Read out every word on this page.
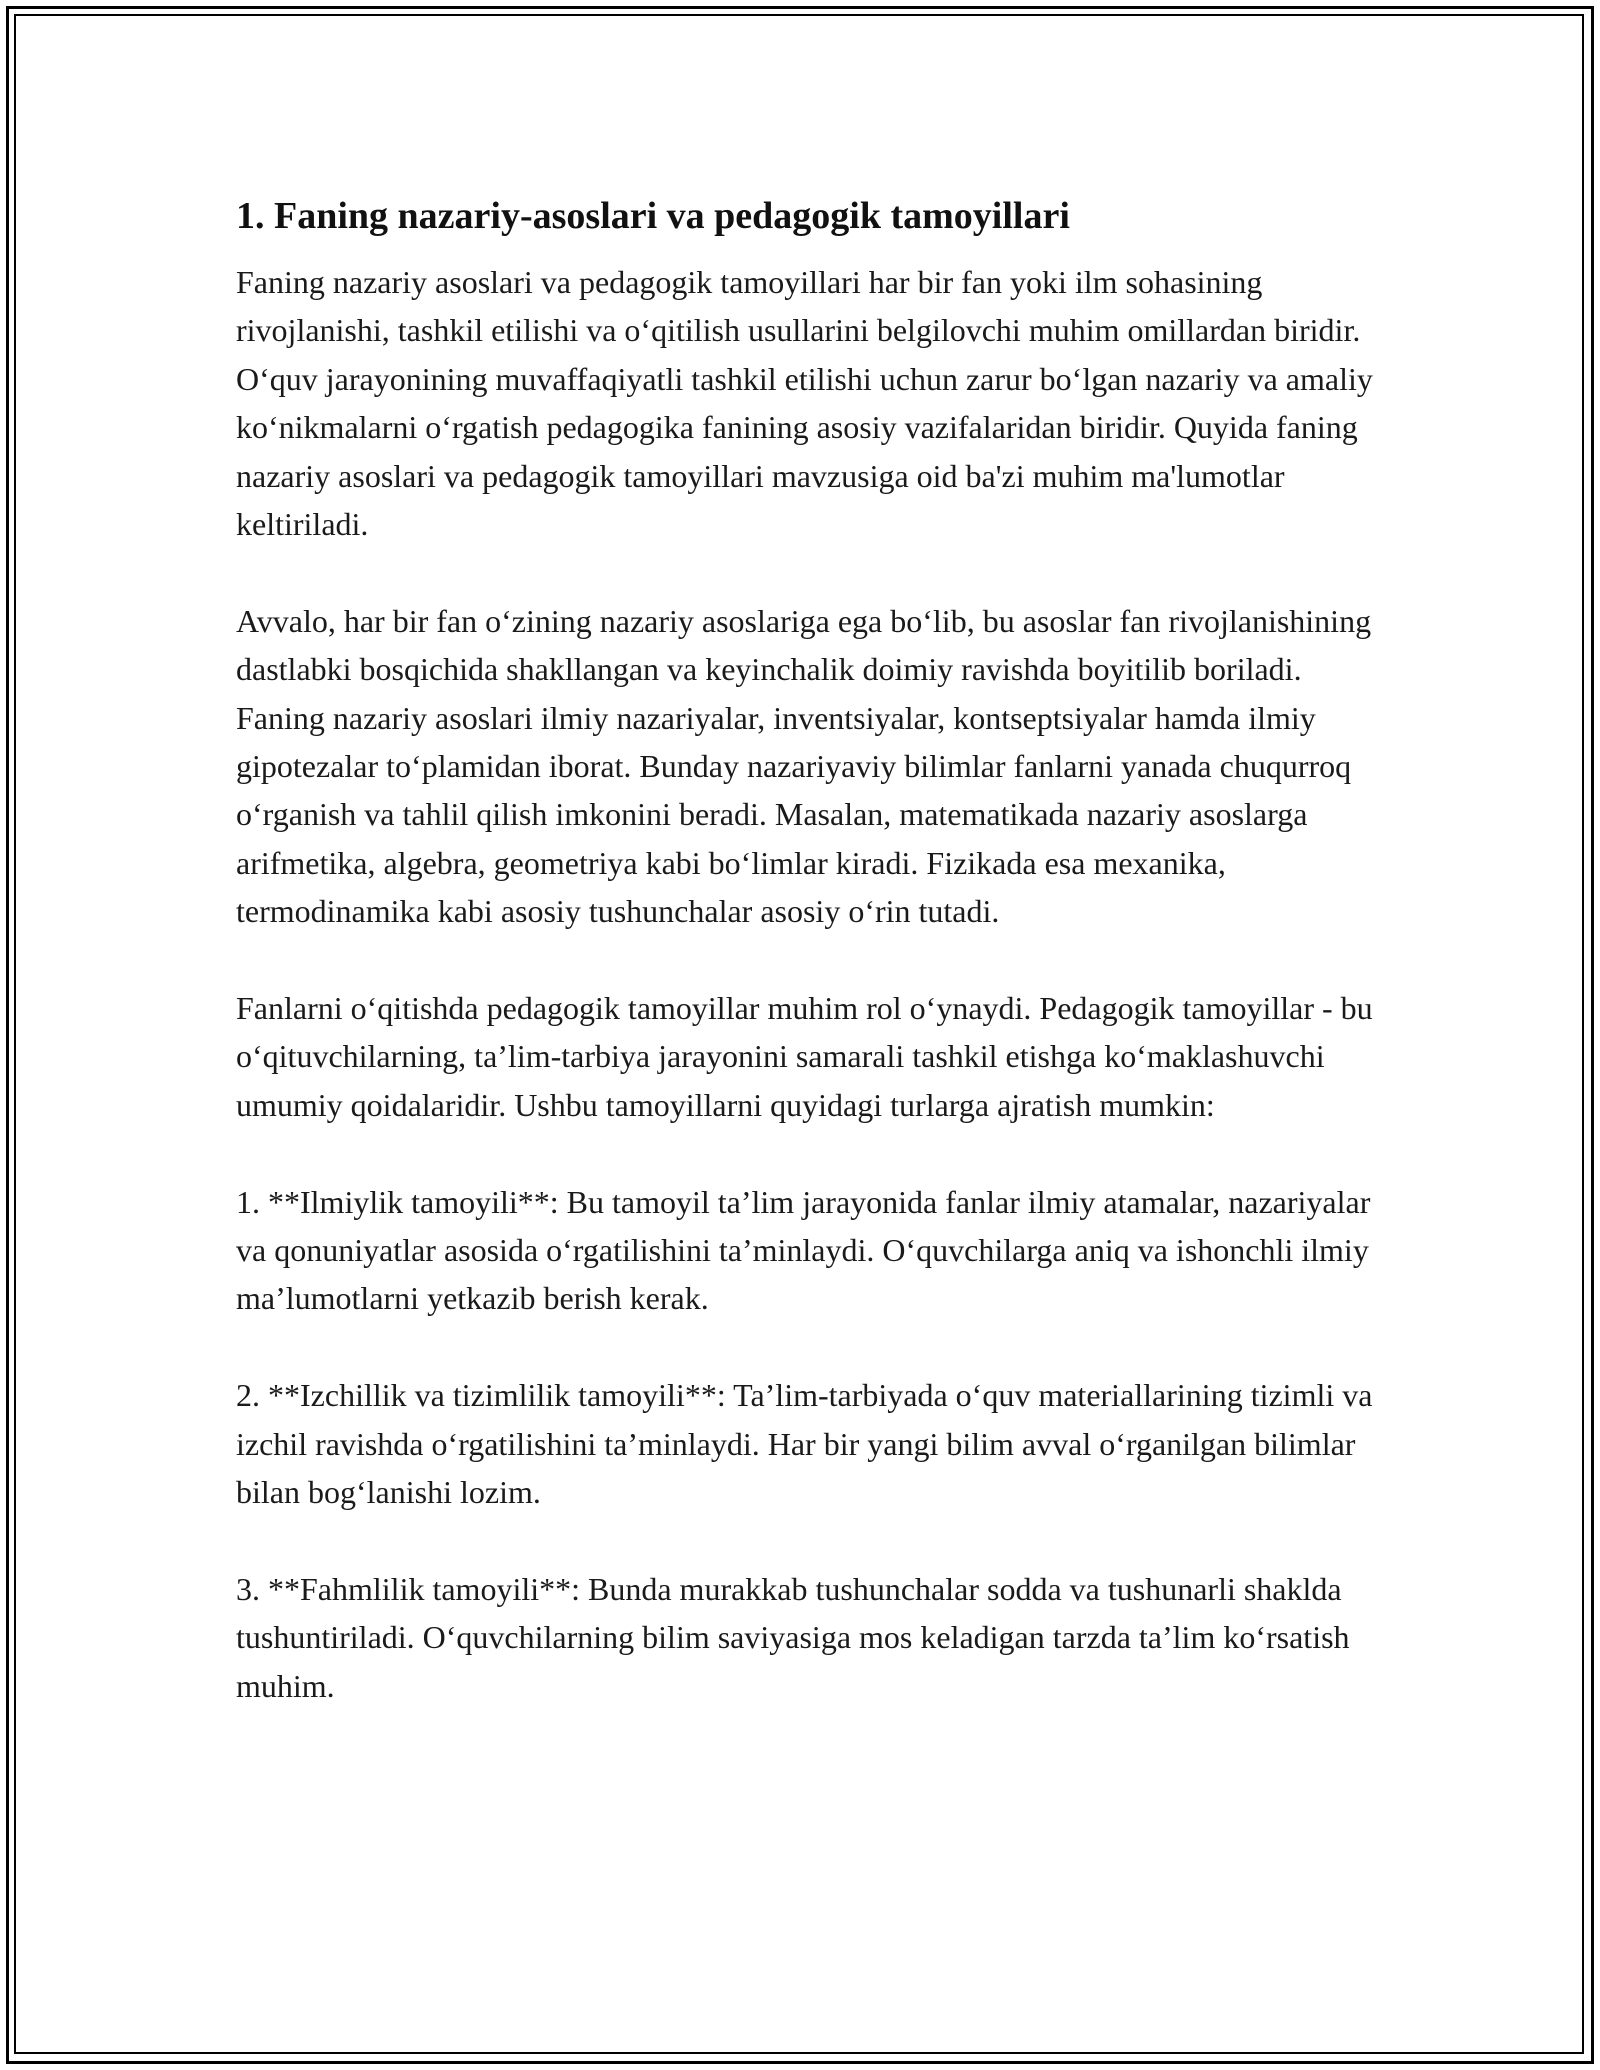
1. Faning nazariy-asoslari va pedagogik tamoyillari

Faning nazariy asoslari va pedagogik tamoyillari har bir fan yoki ilm sohasining rivojlanishi, tashkil etilishi va o‘qitilish usullarini belgilovchi muhim omillardan biridir. O‘quv jarayonining muvaffaqiyatli tashkil etilishi uchun zarur bo‘lgan nazariy va amaliy ko‘nikmalarni o‘rgatish pedagogika fanining asosiy vazifalaridan biridir. Quyida faning nazariy asoslari va pedagogik tamoyillari mavzusiga oid ba'zi muhim ma'lumotlar keltiriladi.

Avvalo, har bir fan o‘zining nazariy asoslariga ega bo‘lib, bu asoslar fan rivojlanishining dastlabki bosqichida shakllangan va keyinchalik doimiy ravishda boyitilib boriladi. Faning nazariy asoslari ilmiy nazariyalar, inventsiyalar, kontseptsiyalar hamda ilmiy gipotezalar to‘plamidan iborat. Bunday nazariyaviy bilimlar fanlarni yanada chuqurroq o‘rganish va tahlil qilish imkonini beradi. Masalan, matematikada nazariy asoslarga arifmetika, algebra, geometriya kabi bo‘limlar kiradi. Fizikada esa mexanika, termodinamika kabi asosiy tushunchalar asosiy o‘rin tutadi.

Fanlarni o‘qitishda pedagogik tamoyillar muhim rol o‘ynaydi. Pedagogik tamoyillar - bu o‘qituvchilarning, ta’lim-tarbiya jarayonini samarali tashkil etishga ko‘maklashuvchi umumiy qoidalaridir. Ushbu tamoyillarni quyidagi turlarga ajratish mumkin:

1. **Ilmiylik tamoyili**: Bu tamoyil ta’lim jarayonida fanlar ilmiy atamalar, nazariyalar va qonuniyatlar asosida o‘rgatilishini ta’minlaydi. O‘quvchilarga aniq va ishonchli ilmiy ma’lumotlarni yetkazib berish kerak.

2. **Izchillik va tizimlilik tamoyili**: Ta’lim-tarbiyada o‘quv materiallarining tizimli va izchil ravishda o‘rgatilishini ta’minlaydi. Har bir yangi bilim avval o‘rganilgan bilimlar bilan bog‘lanishi lozim.

3. **Fahmlilik tamoyili**: Bunda murakkab tushunchalar sodda va tushunarli shaklda tushuntiriladi. O‘quvchilarning bilim saviyasiga mos keladigan tarzda ta’lim ko‘rsatish muhim.
